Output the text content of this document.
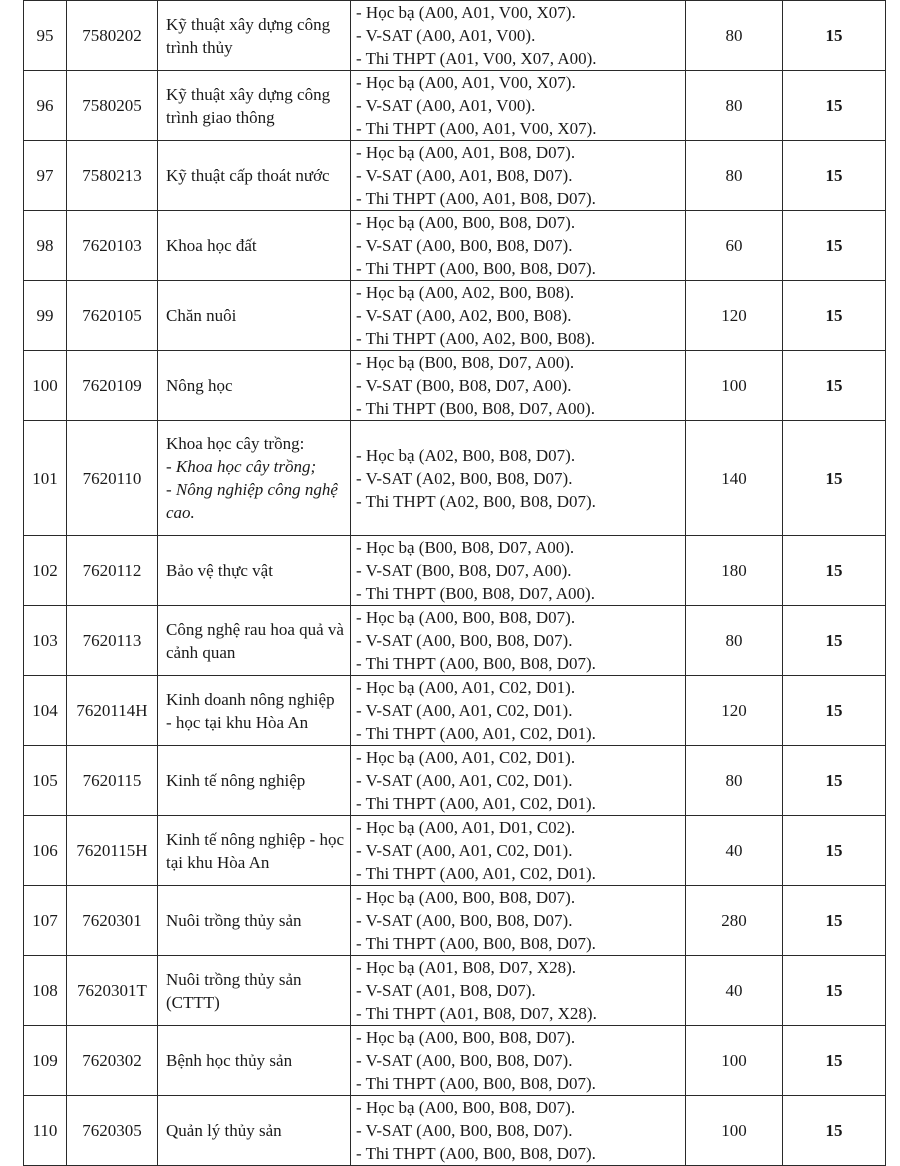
95	7580202	Kỹ thuật xây dựng công trình thủy	- Học bạ (A00, A01, V00, X07).
- V-SAT (A00, A01, V00).
- Thi THPT (A01, V00, X07, A00).	80	15
96	7580205	Kỹ thuật xây dựng công trình giao thông	- Học bạ (A00, A01, V00, X07).
- V-SAT (A00, A01, V00).
- Thi THPT (A00, A01, V00, X07).	80	15
97	7580213	Kỹ thuật cấp thoát nước	- Học bạ (A00, A01, B08, D07).
- V-SAT (A00, A01, B08, D07).
- Thi THPT (A00, A01, B08, D07).	80	15
98	7620103	Khoa học đất	- Học bạ (A00, B00, B08, D07).
- V-SAT (A00, B00, B08, D07).
- Thi THPT (A00, B00, B08, D07).	60	15
99	7620105	Chăn nuôi	- Học bạ (A00, A02, B00, B08).
- V-SAT (A00, A02, B00, B08).
- Thi THPT (A00, A02, B00, B08).	120	15
100	7620109	Nông học	- Học bạ (B00, B08, D07, A00).
- V-SAT (B00, B08, D07, A00).
- Thi THPT (B00, B08, D07, A00).	100	15
101	7620110	Khoa học cây trồng:
- Khoa học cây trồng;
- Nông nghiệp công nghệ cao.	- Học bạ (A02, B00, B08, D07).
- V-SAT (A02, B00, B08, D07).
- Thi THPT (A02, B00, B08, D07).	140	15
102	7620112	Bảo vệ thực vật	- Học bạ (B00, B08, D07, A00).
- V-SAT (B00, B08, D07, A00).
- Thi THPT (B00, B08, D07, A00).	180	15
103	7620113	Công nghệ rau hoa quả và cảnh quan	- Học bạ (A00, B00, B08, D07).
- V-SAT (A00, B00, B08, D07).
- Thi THPT (A00, B00, B08, D07).	80	15
104	7620114H	Kinh doanh nông nghiệp - học tại khu Hòa An	- Học bạ (A00, A01, C02, D01).
- V-SAT (A00, A01, C02, D01).
- Thi THPT (A00, A01, C02, D01).	120	15
105	7620115	Kinh tế nông nghiệp	- Học bạ (A00, A01, C02, D01).
- V-SAT (A00, A01, C02, D01).
- Thi THPT (A00, A01, C02, D01).	80	15
106	7620115H	Kinh tế nông nghiệp - học tại khu Hòa An	- Học bạ (A00, A01, D01, C02).
- V-SAT (A00, A01, C02, D01).
- Thi THPT (A00, A01, C02, D01).	40	15
107	7620301	Nuôi trồng thủy sản	- Học bạ (A00, B00, B08, D07).
- V-SAT (A00, B00, B08, D07).
- Thi THPT (A00, B00, B08, D07).	280	15
108	7620301T	Nuôi trồng thủy sản (CTTT)	- Học bạ (A01, B08, D07, X28).
- V-SAT (A01, B08, D07).
- Thi THPT (A01, B08, D07, X28).	40	15
109	7620302	Bệnh học thủy sản	- Học bạ (A00, B00, B08, D07).
- V-SAT (A00, B00, B08, D07).
- Thi THPT (A00, B00, B08, D07).	100	15
110	7620305	Quản lý thủy sản	- Học bạ (A00, B00, B08, D07).
- V-SAT (A00, B00, B08, D07).
- Thi THPT (A00, B00, B08, D07).	100	15
